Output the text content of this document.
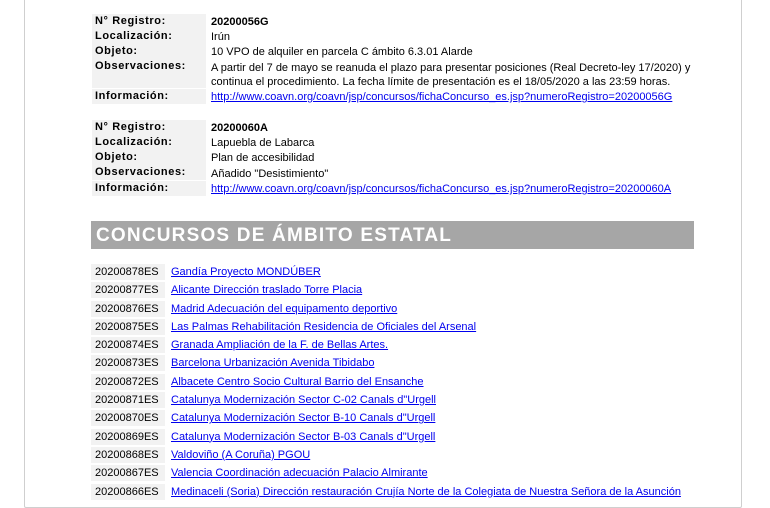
N° Registro:	20200056G
Localización:	Irún
Objeto:	10 VPO de alquiler en parcela C ámbito 6.3.01 Alarde
Observaciones:	A partir del 7 de mayo se reanuda el plazo para presentar posiciones (Real Decreto-ley 17/2020) y continua el procedimiento. La fecha límite de presentación es el 18/05/2020 a las 23:59 horas.
Información:	http://www.coavn.org/coavn/jsp/concursos/fichaConcurso_es.jsp?numeroRegistro=20200056G
N° Registro:	20200060A
Localización:	Lapuebla de Labarca
Objeto:	Plan de accesibilidad
Observaciones:	Añadido "Desistimiento"
Información:	http://www.coavn.org/coavn/jsp/concursos/fichaConcurso_es.jsp?numeroRegistro=20200060A
CONCURSOS DE ÁMBITO ESTATAL
20200878ES	Gandía Proyecto MONDÚBER
20200877ES	Alicante Dirección traslado Torre Placia
20200876ES	Madrid Adecuación del equipamento deportivo
20200875ES	Las Palmas Rehabilitación Residencia de Oficiales del Arsenal
20200874ES	Granada Ampliación de la F. de Bellas Artes.
20200873ES	Barcelona Urbanización Avenida Tibidabo
20200872ES	Albacete Centro Socio Cultural Barrio del Ensanche
20200871ES	Catalunya Modernización Sector C-02 Canals d"Urgell
20200870ES	Catalunya Modernización Sector B-10 Canals d"Urgell
20200869ES	Catalunya Modernización Sector B-03 Canals d"Urgell
20200868ES	Valdoviño (A Coruña) PGOU
20200867ES	Valencia Coordinación adecuación Palacio Almirante
20200866ES	Medinaceli (Soria) Dirección restauración Crujía Norte de la Colegiata de Nuestra Señora de la Asunción
